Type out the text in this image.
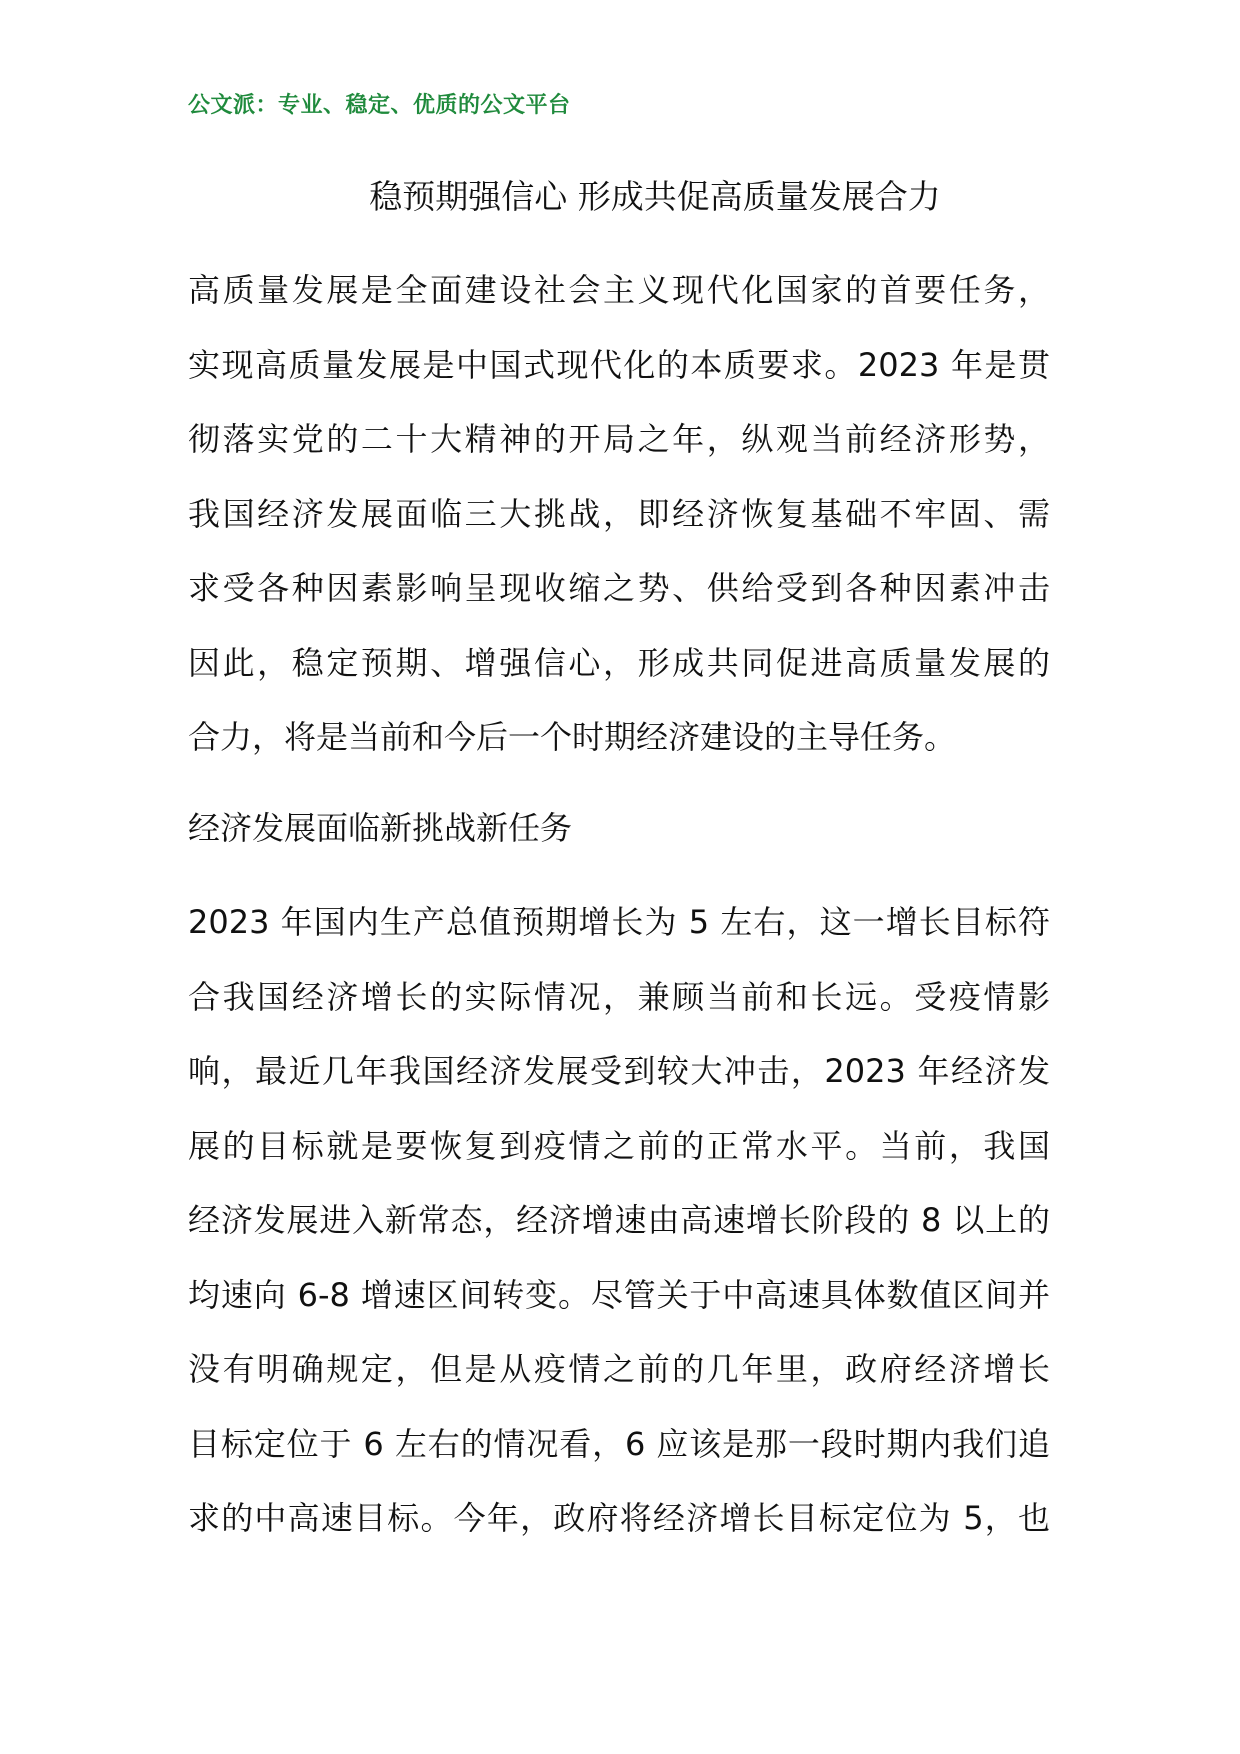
公文派：专业、稳定、优质的公文平台
稳预期强信心 形成共促高质量发展合力
高质量发展是全面建设社会主义现代化国家的首要任务，
实现高质量发展是中国式现代化的本质要求。2023 年是贯
彻落实党的二十大精神的开局之年，纵观当前经济形势，
我国经济发展面临三大挑战，即经济恢复基础不牢固、需
求受各种因素影响呈现收缩之势、供给受到各种因素冲击
因此，稳定预期、增强信心，形成共同促进高质量发展的
合力，将是当前和今后一个时期经济建设的主导任务。
经济发展面临新挑战新任务
2023 年国内生产总值预期增长为 5 左右，这一增长目标符
合我国经济增长的实际情况，兼顾当前和长远。受疫情影
响，最近几年我国经济发展受到较大冲击，2023 年经济发
展的目标就是要恢复到疫情之前的正常水平。当前，我国
经济发展进入新常态，经济增速由高速增长阶段的 8 以上的
均速向 6-8 增速区间转变。尽管关于中高速具体数值区间并
没有明确规定，但是从疫情之前的几年里，政府经济增长
目标定位于 6 左右的情况看，6 应该是那一段时期内我们追
求的中高速目标。今年，政府将经济增长目标定位为 5，也
